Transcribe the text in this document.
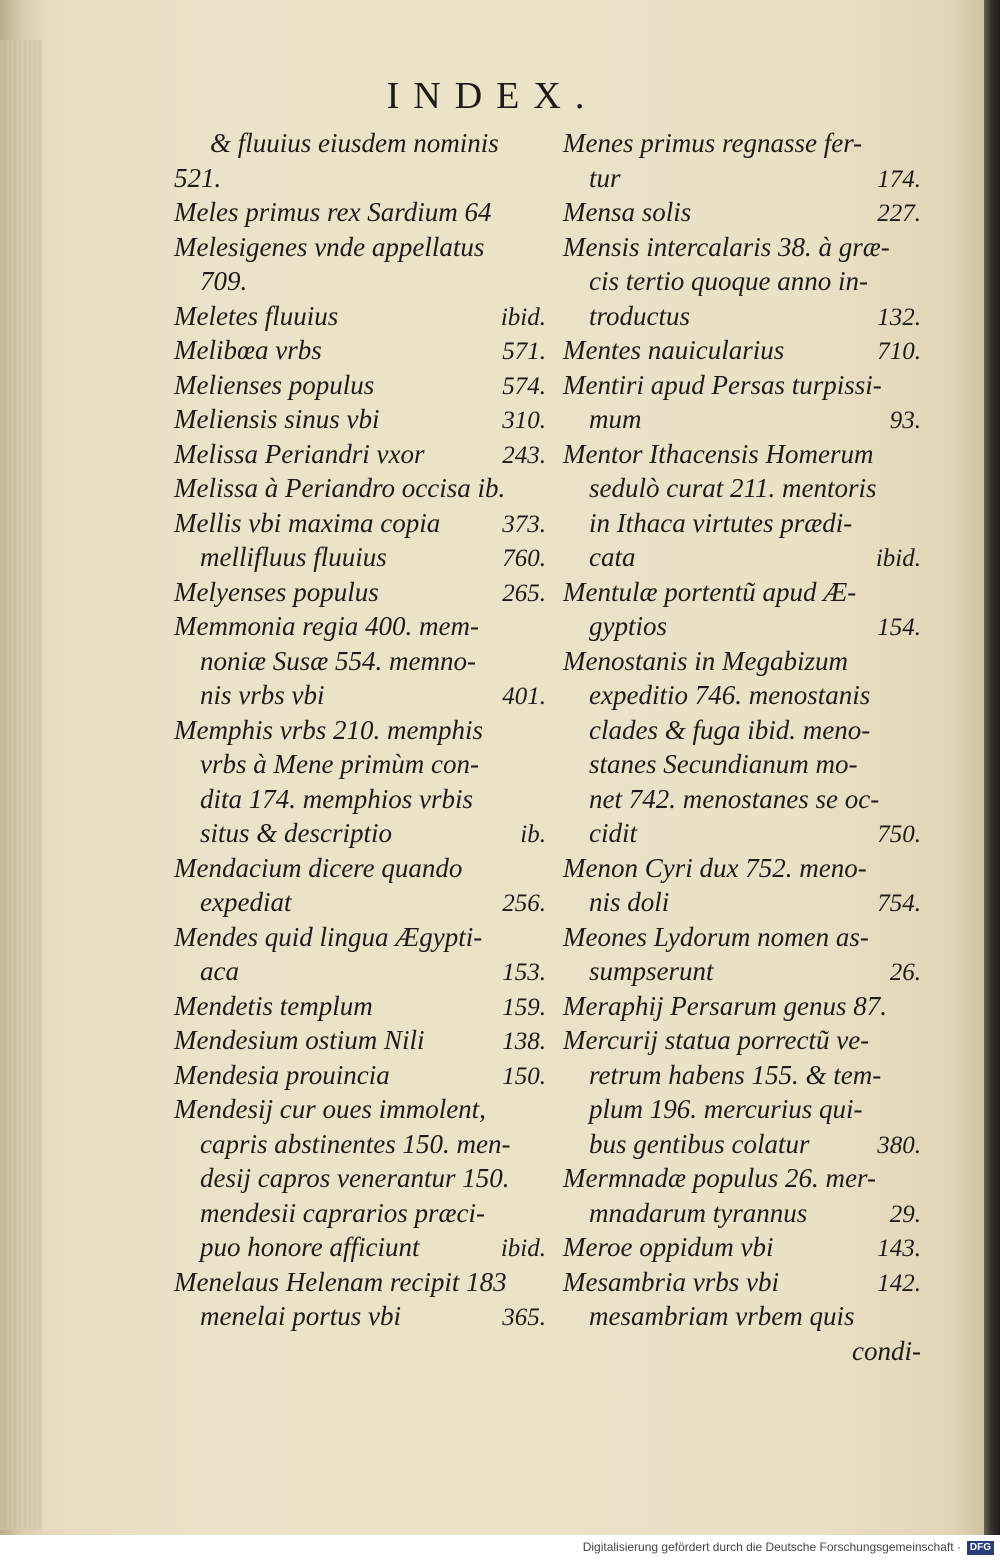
INDEX.
& fluuius eiusdem nominis
521.
Meles primus rex Sardium 64
Melesigenes vnde appellatus
709.
Meletes fluuius	ibid.
Melibœa vrbs	571.
Melienses populus	574.
Meliensis sinus vbi	310.
Melissa Periandri vxor	243.
Melissa à Periandro occisa ib.
Mellis vbi maxima copia 373.
mellifluus fluuius	760.
Melyenses populus	265.
Memmonia regia 400. mem-
noniæ Susæ 554. memno-
nis vrbs vbi	401.
Memphis vrbs 210. memphis
vrbs à Mene primùm con-
dita 174. memphios vrbis
situs & descriptio	ib.
Mendacium dicere quando
expediat	256.
Mendes quid lingua Ægypti-
aca	153.
Mendetis templum	159.
Mendesium ostium Nili	138.
Mendesia prouincia	150.
Mendesij cur oues immolent,
capris abstinentes 150. men-
desij capros venerantur 150.
mendesii caprarios præci-
puo honore afficiunt	ibid.
Menelaus Helenam recipit 183
menelai portus vbi	365.
Menes primus regnasse fer-
tur	174.
Mensa solis	227.
Mensis intercalaris 38. à græ-
cis tertio quoque anno in-
troductus	132.
Mentes nauicularius	710.
Mentiri apud Persas turpissi-
mum	93.
Mentor Ithacensis Homerum
sedulò curat 211. mentoris
in Ithaca virtutes prædi-
cata	ibid.
Mentulæ portentũ apud Æ-
gyptios	154.
Menostanis in Megabizum
expeditio 746. menostanis
clades & fuga ibid. meno-
stanes Secundianum mo-
net 742. menostanes se oc-
cidit	750.
Menon Cyri dux 752. meno-
nis doli	754.
Meones Lydorum nomen as-
sumpserunt	26.
Meraphij Persarum genus 87.
Mercurij statua porrectũ ve-
retrum habens 155. & tem-
plum 196. mercurius qui-
bus gentibus colatur	380.
Mermnadæ populus 26. mer-
mnadarum tyrannus	29.
Meroe oppidum vbi	143.
Mesambria vrbs vbi	142.
mesambriam vrbem quis
condi-
Digitalisierung gefördert durch die Deutsche Forschungsgemeinschaft · DFG
